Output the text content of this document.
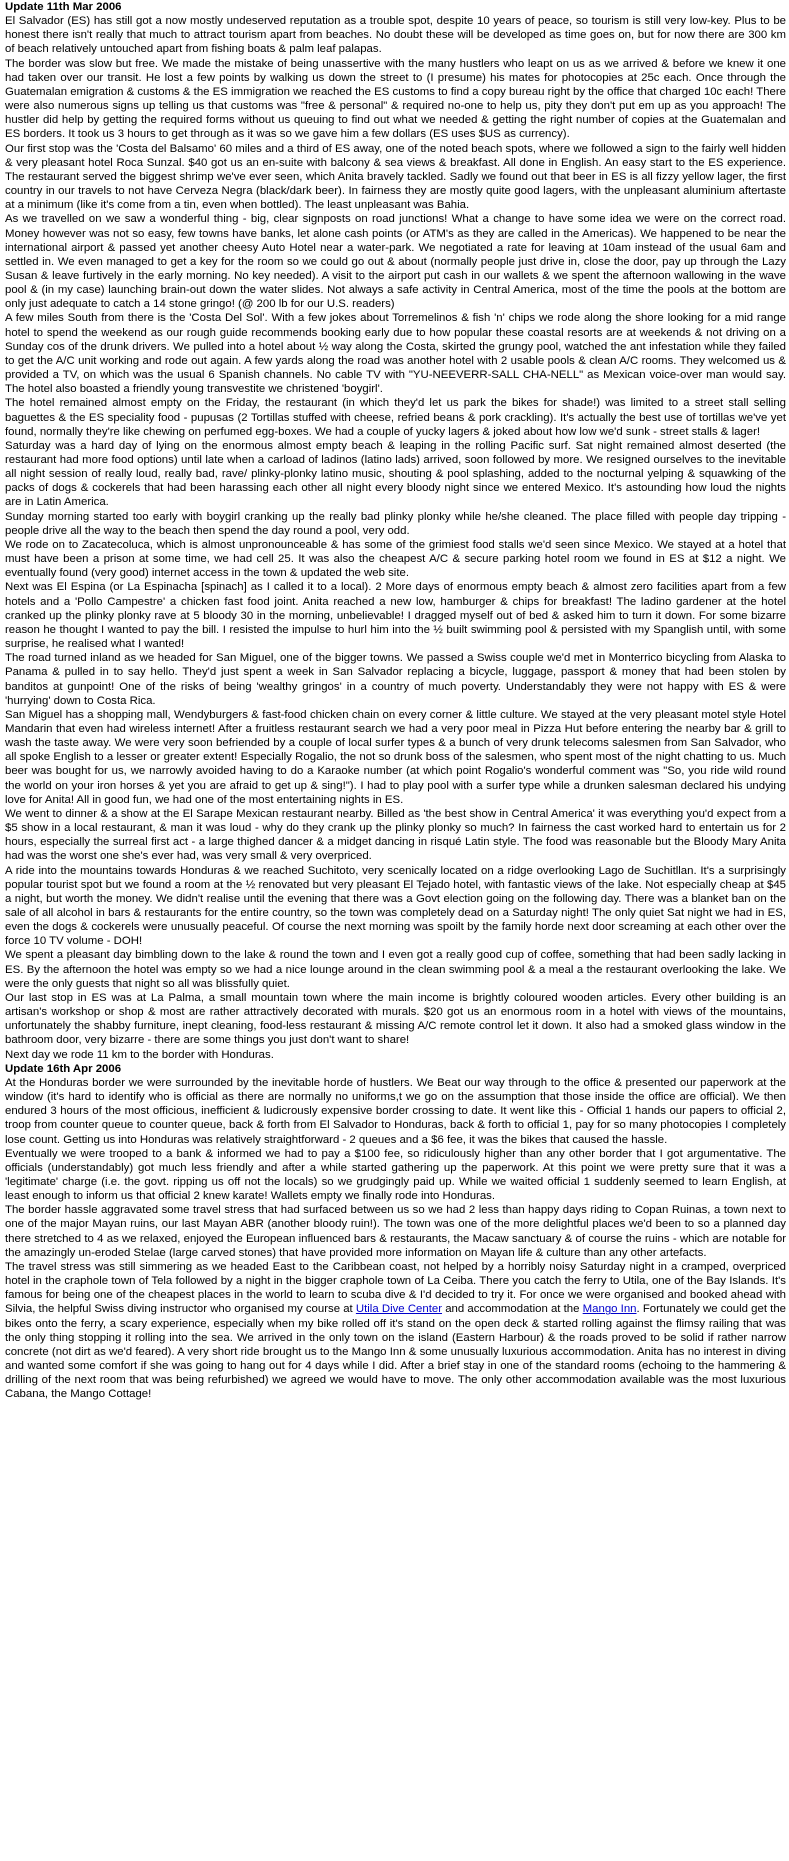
Update 11th Mar 2006

El Salvador (ES) has still got a now mostly undeserved reputation as a trouble spot, despite 10 years of peace, so tourism is still very low-key. Plus to be honest there isn't really that much to attract tourism apart from beaches. No doubt these will be developed as time goes on, but for now there are 300 km of beach relatively untouched apart from fishing boats & palm leaf palapas.

The border was slow but free. We made the mistake of being unassertive with the many hustlers who leapt on us as we arrived & before we knew it one had taken over our transit. He lost a few points by walking us down the street to (I presume) his mates for photocopies at 25c each. Once through the Guatemalan emigration & customs & the ES immigration we reached the ES customs to find a copy bureau right by the office that charged 10c each! There were also numerous signs up telling us that customs was "free & personal" & required no-one to help us, pity they don't put em up as you approach! The hustler did help by getting the required forms without us queuing to find out what we needed & getting the right number of copies at the Guatemalan and ES borders. It took us 3 hours to get through as it was so we gave him a few dollars (ES uses $US as currency).

Our first stop was the 'Costa del Balsamo' 60 miles and a third of ES away, one of the noted beach spots, where we followed a sign to the fairly well hidden & very pleasant hotel Roca Sunzal. $40 got us an en-suite with balcony & sea views & breakfast. All done in English. An easy start to the ES experience. The restaurant served the biggest shrimp we've ever seen, which Anita bravely tackled. Sadly we found out that beer in ES is all fizzy yellow lager, the first country in our travels to not have Cerveza Negra (black/dark beer). In fairness they are mostly quite good lagers, with the unpleasant aluminium aftertaste at a minimum (like it's come from a tin, even when bottled). The least unpleasant was Bahia.

As we travelled on we saw a wonderful thing - big, clear signposts on road junctions! What a change to have some idea we were on the correct road. Money however was not so easy, few towns have banks, let alone cash points (or ATM's as they are called in the Americas). We happened to be near the international airport & passed yet another cheesy Auto Hotel near a water-park. We negotiated a rate for leaving at 10am instead of the usual 6am and settled in. We even managed to get a key for the room so we could go out & about (normally people just drive in, close the door, pay up through the Lazy Susan & leave furtively in the early morning. No key needed). A visit to the airport put cash in our wallets & we spent the afternoon wallowing in the wave pool & (in my case) launching brain-out down the water slides. Not always a safe activity in Central America, most of the time the pools at the bottom are only just adequate to catch a 14 stone gringo! (@ 200 lb for our U.S. readers)

A few miles South from there is the 'Costa Del Sol'. With a few jokes about Torremelinos & fish 'n' chips we rode along the shore looking for a mid range hotel to spend the weekend as our rough guide recommends booking early due to how popular these coastal resorts are at weekends & not driving on a Sunday cos of the drunk drivers. We pulled into a hotel about ½ way along the Costa, skirted the grungy pool, watched the ant infestation while they failed to get the A/C unit working and rode out again. A few yards along the road was another hotel with 2 usable pools & clean A/C rooms. They welcomed us & provided a TV, on which was the usual 6 Spanish channels. No cable TV with "YU-NEEVERR-SALL CHA-NELL" as Mexican voice-over man would say. The hotel also boasted a friendly young transvestite we christened 'boygirl'.

The hotel remained almost empty on the Friday, the restaurant (in which they'd let us park the bikes for shade!) was limited to a street stall selling baguettes & the ES speciality food - pupusas (2 Tortillas stuffed with cheese, refried beans & pork crackling). It's actually the best use of tortillas we've yet found, normally they're like chewing on perfumed egg-boxes. We had a couple of yucky lagers & joked about how low we'd sunk - street stalls & lager!

Saturday was a hard day of lying on the enormous almost empty beach & leaping in the rolling Pacific surf. Sat night remained almost deserted (the restaurant had more food options) until late when a carload of ladinos (latino lads) arrived, soon followed by more. We resigned ourselves to the inevitable all night session of really loud, really bad, rave/ plinky-plonky latino music, shouting & pool splashing, added to the nocturnal yelping & squawking of the packs of dogs & cockerels that had been harassing each other all night every bloody night since we entered Mexico. It's astounding how loud the nights are in Latin America.

Sunday morning started too early with boygirl cranking up the really bad plinky plonky while he/she cleaned. The place filled with people day tripping - people drive all the way to the beach then spend the day round a pool, very odd.

We rode on to Zacatecoluca, which is almost unpronounceable & has some of the grimiest food stalls we'd seen since Mexico. We stayed at a hotel that must have been a prison at some time, we had cell 25. It was also the cheapest A/C & secure parking hotel room we found in ES at $12 a night. We eventually found (very good) internet access in the town & updated the web site.

Next was El Espina (or La Espinacha [spinach] as I called it to a local). 2 More days of enormous empty beach & almost zero facilities apart from a few hotels and a 'Pollo Campestre' a chicken fast food joint. Anita reached a new low, hamburger & chips for breakfast! The ladino gardener at the hotel cranked up the plinky plonky rave at 5 bloody 30 in the morning, unbelievable! I dragged myself out of bed & asked him to turn it down. For some bizarre reason he thought I wanted to pay the bill. I resisted the impulse to hurl him into the ½ built swimming pool & persisted with my Spanglish until, with some surprise, he realised what I wanted!

The road turned inland as we headed for San Miguel, one of the bigger towns. We passed a Swiss couple we'd met in Monterrico bicycling from Alaska to Panama & pulled in to say hello. They'd just spent a week in San Salvador replacing a bicycle, luggage, passport & money that had been stolen by banditos at gunpoint! One of the risks of being 'wealthy gringos' in a country of much poverty. Understandably they were not happy with ES & were 'hurrying' down to Costa Rica.

San Miguel has a shopping mall, Wendyburgers & fast-food chicken chain on every corner & little culture. We stayed at the very pleasant motel style Hotel Mandarin that even had wireless internet! After a fruitless restaurant search we had a very poor meal in Pizza Hut before entering the nearby bar & grill to wash the taste away. We were very soon befriended by a couple of local surfer types & a bunch of very drunk telecoms salesmen from San Salvador, who all spoke English to a lesser or greater extent! Especially Rogalio, the not so drunk boss of the salesmen, who spent most of the night chatting to us. Much beer was bought for us, we narrowly avoided having to do a Karaoke number (at which point Rogalio's wonderful comment was "So, you ride wild round the world on your iron horses & yet you are afraid to get up & sing!"). I had to play pool with a surfer type while a drunken salesman declared his undying love for Anita! All in good fun, we had one of the most entertaining nights in ES.

We went to dinner & a show at the El Sarape Mexican restaurant nearby. Billed as 'the best show in Central America' it was everything you'd expect from a $5 show in a local restaurant, & man it was loud - why do they crank up the plinky plonky so much? In fairness the cast worked hard to entertain us for 2 hours, especially the surreal first act - a large thighed dancer & a midget dancing in risqué Latin style. The food was reasonable but the Bloody Mary Anita had was the worst one she's ever had, was very small & very overpriced.

A ride into the mountains towards Honduras & we reached Suchitoto, very scenically located on a ridge overlooking Lago de Suchitllan. It's a surprisingly popular tourist spot but we found a room at the ½ renovated but very pleasant El Tejado hotel, with fantastic views of the lake. Not especially cheap at $45 a night, but worth the money. We didn't realise until the evening that there was a Govt election going on the following day. There was a blanket ban on the sale of all alcohol in bars & restaurants for the entire country, so the town was completely dead on a Saturday night! The only quiet Sat night we had in ES, even the dogs & cockerels were unusually peaceful. Of course the next morning was spoilt by the family horde next door screaming at each other over the force 10 TV volume - DOH!

We spent a pleasant day bimbling down to the lake & round the town and I even got a really good cup of coffee, something that had been sadly lacking in ES. By the afternoon the hotel was empty so we had a nice lounge around in the clean swimming pool & a meal a the restaurant overlooking the lake. We were the only guests that night so all was blissfully quiet.

Our last stop in ES was at La Palma, a small mountain town where the main income is brightly coloured wooden articles. Every other building is an artisan's workshop or shop & most are rather attractively decorated with murals. $20 got us an enormous room in a hotel with views of the mountains, unfortunately the shabby furniture, inept cleaning, food-less restaurant & missing A/C remote control let it down. It also had a smoked glass window in the bathroom door, very bizarre - there are some things you just don't want to share!

Next day we rode 11 km to the border with Honduras.

Update 16th Apr 2006

At the Honduras border we were surrounded by the inevitable horde of hustlers. We Beat our way through to the office & presented our paperwork at the window (it's hard to identify who is official as there are normally no uniforms,t we go on the assumption that those inside the office are official). We then endured 3 hours of the most officious, inefficient & ludicrously expensive border crossing to date. It went like this - Official 1 hands our papers to official 2, troop from counter queue to counter queue, back & forth from El Salvador to Honduras, back & forth to official 1, pay for so many photocopies I completely lose count. Getting us into Honduras was relatively straightforward - 2 queues and a $6 fee, it was the bikes that caused the hassle.

Eventually we were trooped to a bank & informed we had to pay a $100 fee, so ridiculously higher than any other border that I got argumentative. The officials (understandably) got much less friendly and after a while started gathering up the paperwork. At this point we were pretty sure that it was a 'legitimate' charge (i.e. the govt. ripping us off not the locals) so we grudgingly paid up. While we waited official 1 suddenly seemed to learn English, at least enough to inform us that official 2 knew karate! Wallets empty we finally rode into Honduras.

The border hassle aggravated some travel stress that had surfaced between us so we had 2 less than happy days riding to Copan Ruinas, a town next to one of the major Mayan ruins, our last Mayan ABR (another bloody ruin!). The town was one of the more delightful places we'd been to so a planned day there stretched to 4 as we relaxed, enjoyed the European influenced bars & restaurants, the Macaw sanctuary & of course the ruins - which are notable for the amazingly un-eroded Stelae (large carved stones) that have provided more information on Mayan life & culture than any other artefacts.

The travel stress was still simmering as we headed East to the Caribbean coast, not helped by a horribly noisy Saturday night in a cramped, overpriced hotel in the craphole town of Tela followed by a night in the bigger craphole town of La Ceiba. There you catch the ferry to Utila, one of the Bay Islands. It's famous for being one of the cheapest places in the world to learn to scuba dive & I'd decided to try it. For once we were organised and booked ahead with Silvia, the helpful Swiss diving instructor who organised my course at Utila Dive Center and accommodation at the Mango Inn. Fortunately we could get the bikes onto the ferry, a scary experience, especially when my bike rolled off it's stand on the open deck & started rolling against the flimsy railing that was the only thing stopping it rolling into the sea. We arrived in the only town on the island (Eastern Harbour) & the roads proved to be solid if rather narrow concrete (not dirt as we'd feared). A very short ride brought us to the Mango Inn & some unusually luxurious accommodation. Anita has no interest in diving and wanted some comfort if she was going to hang out for 4 days while I did. After a brief stay in one of the standard rooms (echoing to the hammering & drilling of the next room that was being refurbished) we agreed we would have to move. The only other accommodation available was the most luxurious Cabana, the Mango Cottage!
